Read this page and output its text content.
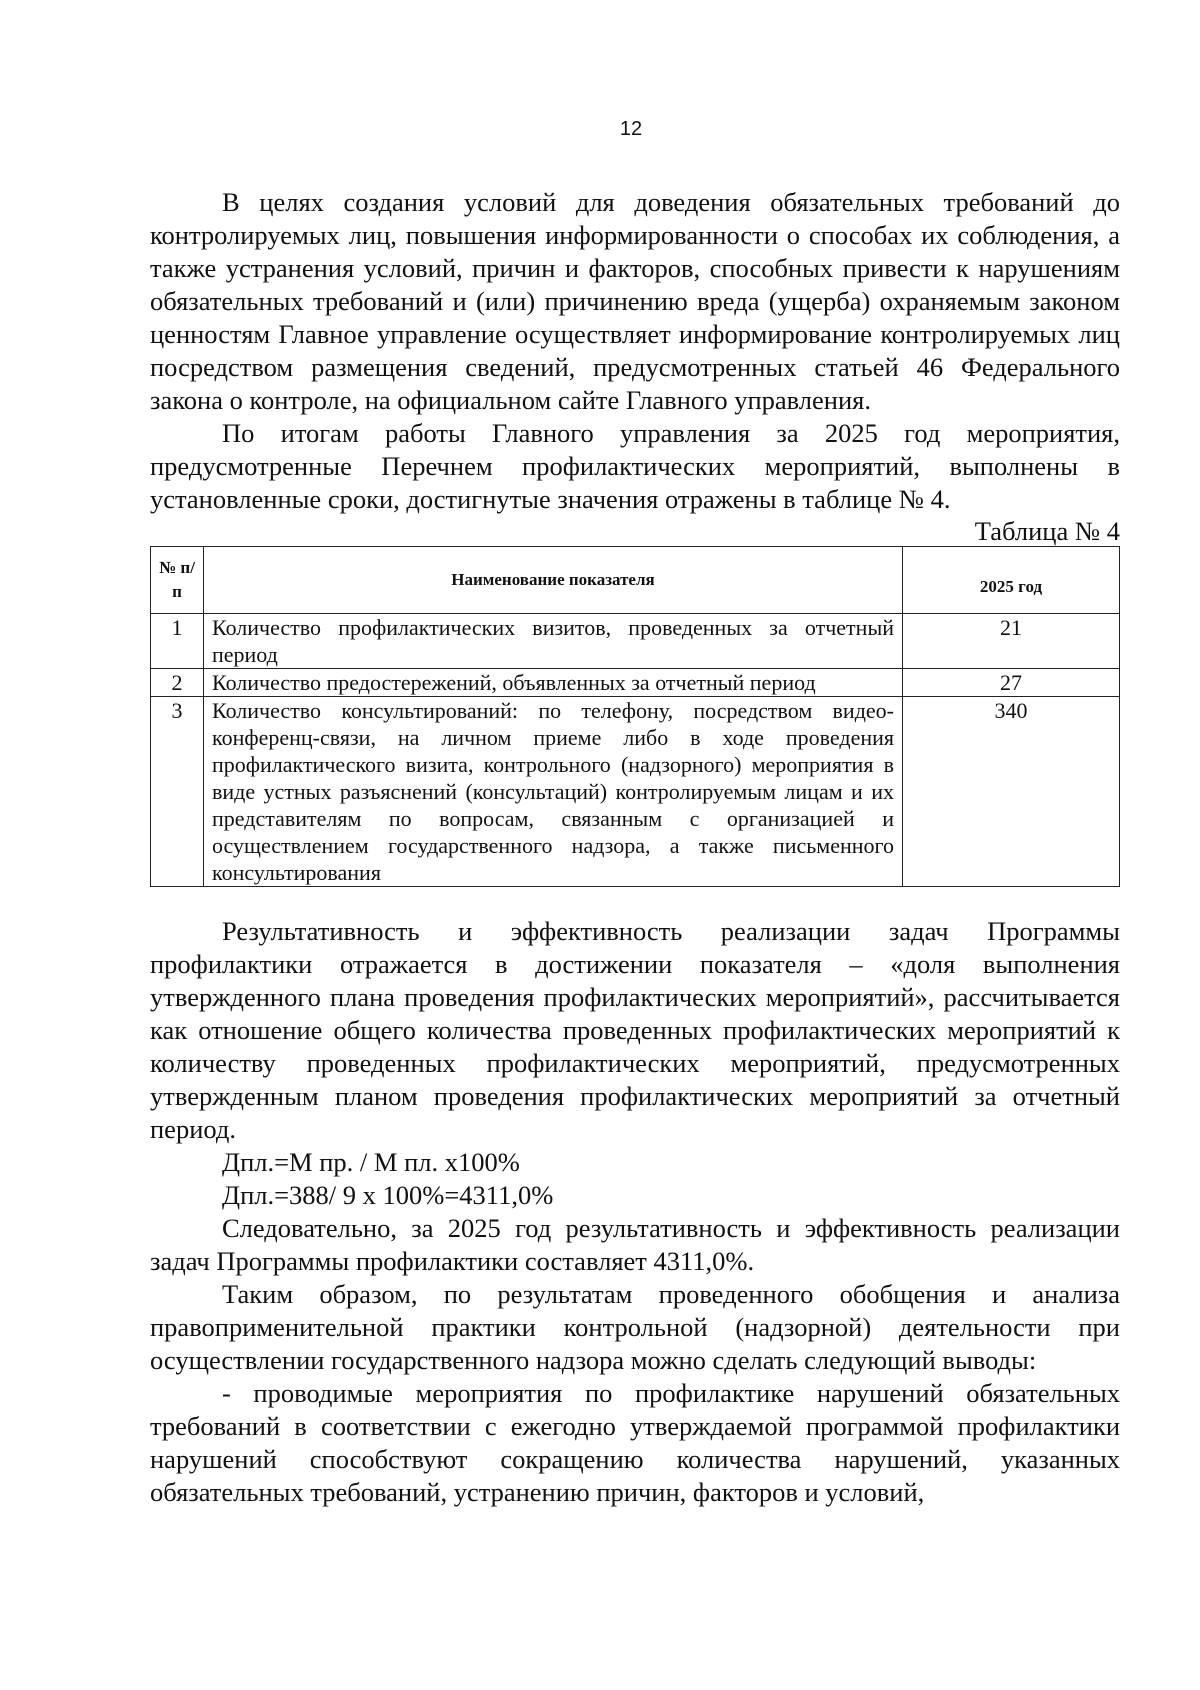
12

В целях создания условий для доведения обязательных требований до контролируемых лиц, повышения информированности о способах их соблюдения, а также устранения условий, причин и факторов, способных привести к нарушениям обязательных требований и (или) причинению вреда (ущерба) охраняемым законом ценностям Главное управление осуществляет информирование контролируемых лиц посредством размещения сведений, предусмотренных статьей 46 Федерального закона о контроле, на официальном сайте Главного управления.

По итогам работы Главного управления за 2025 год мероприятия, предусмотренные Перечнем профилактических мероприятий, выполнены в установленные сроки, достигнутые значения отражены в таблице № 4.

Таблица № 4

№ п/п	Наименование показателя	2025 год
1	Количество профилактических визитов, проведенных за отчетный период	21
2	Количество предостережений, объявленных за отчетный период	27
3	Количество консультирований: по телефону, посредством видео-конференц-связи, на личном приеме либо в ходе проведения профилактического визита, контрольного (надзорного) мероприятия в виде устных разъяснений (консультаций) контролируемым лицам и их представителям по вопросам, связанным с организацией и осуществлением государственного надзора, а также письменного консультирования	340

Результативность и эффективность реализации задач Программы профилактики отражается в достижении показателя – «доля выполнения утвержденного плана проведения профилактических мероприятий», рассчитывается как отношение общего количества проведенных профилактических мероприятий к количеству проведенных профилактических мероприятий, предусмотренных утвержденным планом проведения профилактических мероприятий за отчетный период.

Дпл.=М пр. / М пл. х100%

Дпл.=388/ 9 х 100%=4311,0%

Следовательно, за 2025 год результативность и эффективность реализации задач Программы профилактики составляет 4311,0%.

Таким образом, по результатам проведенного обобщения и анализа правоприменительной практики контрольной (надзорной) деятельности при осуществлении государственного надзора можно сделать следующий выводы:

- проводимые мероприятия по профилактике нарушений обязательных требований в соответствии с ежегодно утверждаемой программой профилактики нарушений способствуют сокращению количества нарушений, указанных обязательных требований, устранению причин, факторов и условий,
